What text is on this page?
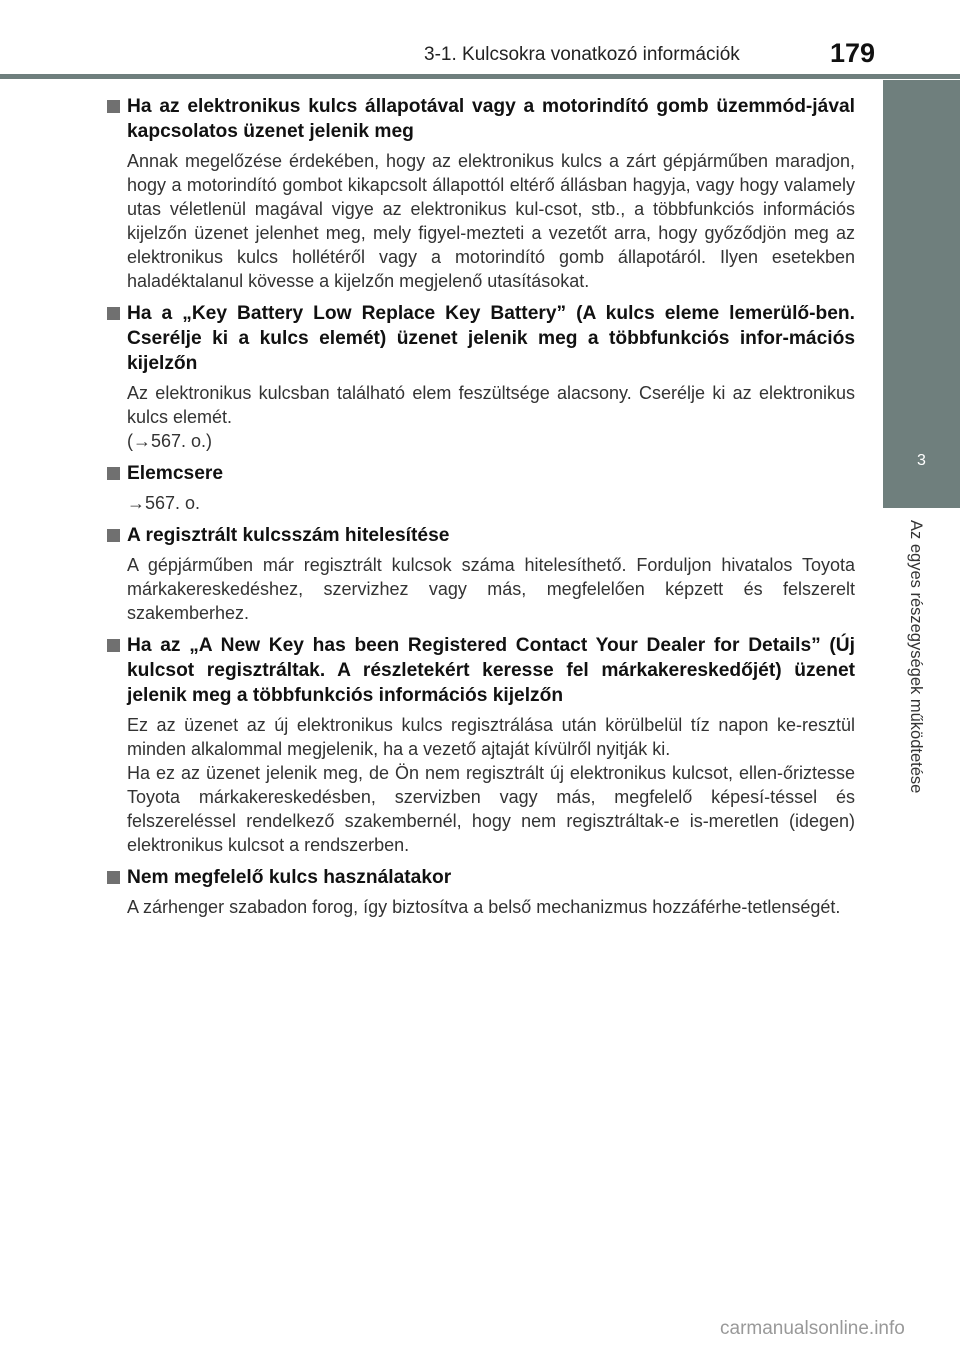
3-1. Kulcsokra vonatkozó információk	179
3
Az egyes részegységek működtetése
Ha az elektronikus kulcs állapotával vagy a motorindító gomb üzemmód-jával kapcsolatos üzenet jelenik meg

Annak megelőzése érdekében, hogy az elektronikus kulcs a zárt gépjárműben maradjon, hogy a motorindító gombot kikapcsolt állapottól eltérő állásban hagyja, vagy hogy valamely utas véletlenül magával vigye az elektronikus kul-csot, stb., a többfunkciós információs kijelzőn üzenet jelenhet meg, mely figyel-mezteti a vezetőt arra, hogy győződjön meg az elektronikus kulcs hollétéről vagy a motorindító gomb állapotáról. Ilyen esetekben haladéktalanul kövesse a kijelzőn megjelenő utasításokat.

Ha a „Key Battery Low Replace Key Battery” (A kulcs eleme lemerülő-ben. Cserélje ki a kulcs elemét) üzenet jelenik meg a többfunkciós infor-mációs kijelzőn

Az elektronikus kulcsban található elem feszültsége alacsony. Cserélje ki az elektronikus kulcs elemét.

(→567. o.)

Elemcsere

→567. o.

A regisztrált kulcsszám hitelesítése

A gépjárműben már regisztrált kulcsok száma hitelesíthető. Forduljon hivatalos Toyota márkakereskedéshez, szervizhez vagy más, megfelelően képzett és felszerelt szakemberhez.

Ha az „A New Key has been Registered Contact Your Dealer for Details” (Új kulcsot regisztráltak. A részletekért keresse fel márkakereskedőjét) üzenet jelenik meg a többfunkciós információs kijelzőn

Ez az üzenet az új elektronikus kulcs regisztrálása után körülbelül tíz napon ke-resztül minden alkalommal megjelenik, ha a vezető ajtaját kívülről nyitják ki.

Ha ez az üzenet jelenik meg, de Ön nem regisztrált új elektronikus kulcsot, ellen-őriztesse Toyota márkakereskedésben, szervizben vagy más, megfelelő képesí-téssel és felszereléssel rendelkező szakembernél, hogy nem regisztráltak-e is-meretlen (idegen) elektronikus kulcsot a rendszerben.

Nem megfelelő kulcs használatakor

A zárhenger szabadon forog, így biztosítva a belső mechanizmus hozzáférhe-tetlenségét.

carmanualsonline.info
